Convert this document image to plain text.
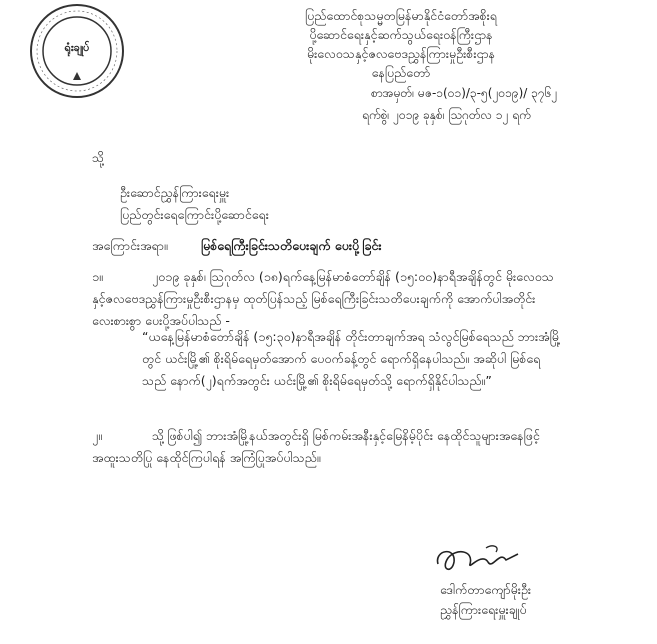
ရုံးချုပ်
ပြည်ထောင်စုသမ္မတမြန်မာနိုင်ငံတော်အစိုးရ
ပို့ဆောင်ရေးနှင့်ဆက်သွယ်ရေးဝန်ကြီးဌာန
မိုးလေဝသနှင့်ဇလဗေဒညွှန်ကြားမှုဦးစီးဌာန
နေပြည်တော်
စာအမှတ်၊ မဇ-၁(၀၁)/၃-၅(၂၀၁၉)/ ၃၇၆၂
ရက်စွဲ၊ ၂၀၁၉ ခုနှစ်၊ ဩဂုတ်လ ၁၂ ရက်
သို့
ဦးဆောင်ညွှန်ကြားရေးမှူး
ပြည်တွင်းရေကြောင်းပို့ဆောင်ရေး
အကြောင်းအရာ။	မြစ်ရေကြီးခြင်းသတိပေးချက် ပေးပို့ခြင်း
၁။	၂၀၁၉ ခုနှစ်၊ ဩဂုတ်လ (၁၈)ရက်နေ့မြန်မာစံတော်ချိန် (၁၅:၀၀)နာရီအချိန်တွင် မိုးလေဝသ
နှင့်ဇလဗေဒညွှန်ကြားမှုဦးစီးဌာနမှ ထုတ်ပြန်သည့် မြစ်ရေကြီးခြင်းသတိပေးချက်ကို အောက်ပါအတိုင်း
လေးစားစွာ ပေးပို့အပ်ပါသည် -
“ယနေ့မြန်မာစံတော်ချိန် (၁၅:၃၀)နာရီအချိန် တိုင်းတာချက်အရ သံလွင်မြစ်ရေသည် ဘားအံမြို့
တွင် ယင်းမြို့၏ စိုးရိမ်ရေမှတ်အောက် ပေ၀က်ခန့်တွင် ရောက်ရှိနေပါသည်။ အဆိုပါ မြစ်ရေ
သည် နောက်(၂)ရက်အတွင်း ယင်းမြို့၏ စိုးရိမ်ရေမှတ်သို့ ရောက်ရှိနိုင်ပါသည်။”
၂။	သို့ဖြစ်ပါ၍ ဘားအံမြို့နယ်အတွင်းရှိ မြစ်ကမ်းအနီးနှင့်မြေနိမ့်ပိုင်း နေထိုင်သူများအနေဖြင့်
အထူးသတိပြု နေထိုင်ကြပါရန် အကြံပြုအပ်ပါသည်။
ဒေါက်တာကျော်မိုးဦး
ညွှန်ကြားရေးမှူးချုပ်
